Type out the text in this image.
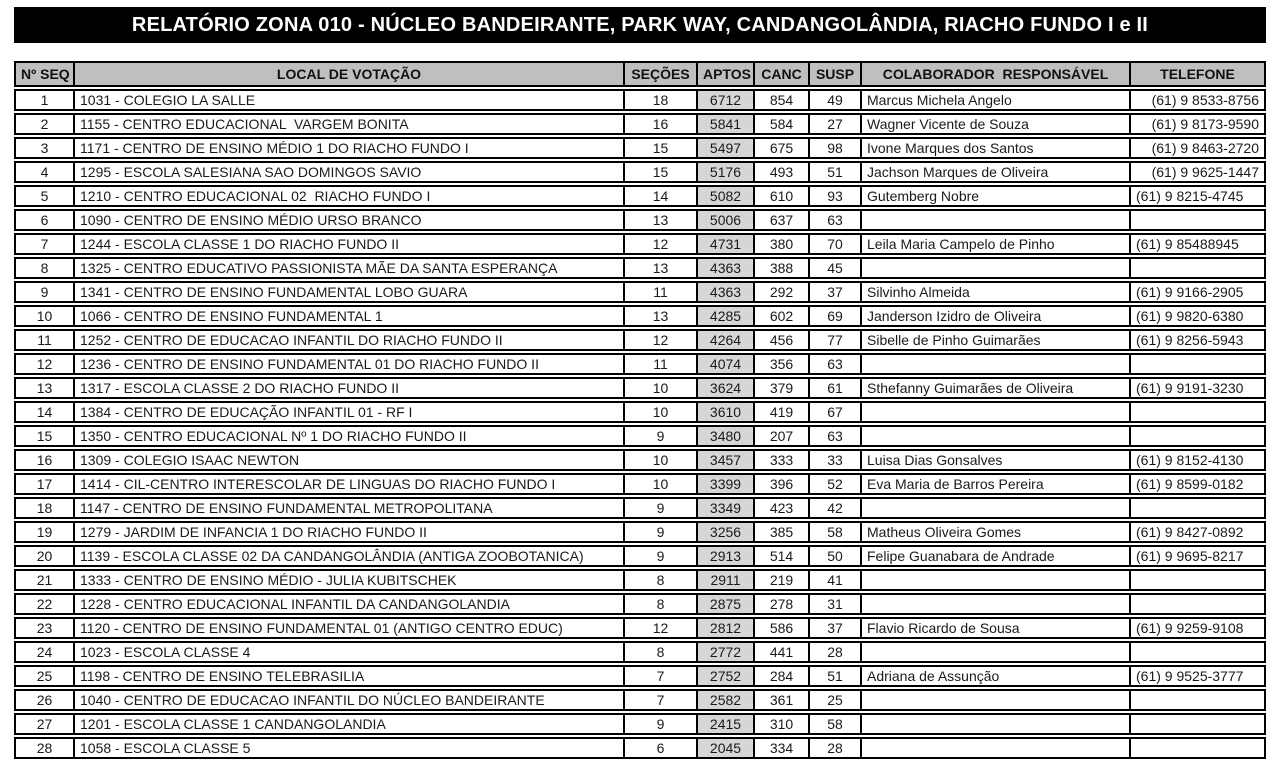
RELATÓRIO ZONA 010 - NÚCLEO BANDEIRANTE, PARK WAY, CANDANGOLÂNDIA, RIACHO FUNDO I e II
Nº SEQ	LOCAL DE VOTAÇÃO	SEÇÕES	APTOS	CANC	SUSP	COLABORADOR  RESPONSÁVEL	TELEFONE
1	1031 - COLEGIO LA SALLE	18	6712	854	49	Marcus Michela Angelo	(61) 9 8533-8756
2	1155 - CENTRO EDUCACIONAL  VARGEM BONITA	16	5841	584	27	Wagner Vicente de Souza	(61) 9 8173-9590
3	1171 - CENTRO DE ENSINO MÉDIO 1 DO RIACHO FUNDO I	15	5497	675	98	Ivone Marques dos Santos	(61) 9 8463-2720
4	1295 - ESCOLA SALESIANA SAO DOMINGOS SAVIO	15	5176	493	51	Jachson Marques de Oliveira	(61) 9 9625-1447
5	1210 - CENTRO EDUCACIONAL 02  RIACHO FUNDO I	14	5082	610	93	Gutemberg Nobre	(61) 9 8215-4745
6	1090 - CENTRO DE ENSINO MÉDIO URSO BRANCO	13	5006	637	63		
7	1244 - ESCOLA CLASSE 1 DO RIACHO FUNDO II	12	4731	380	70	Leila Maria Campelo de Pinho	(61) 9 85488945
8	1325 - CENTRO EDUCATIVO PASSIONISTA MÃE DA SANTA ESPERANÇA	13	4363	388	45		
9	1341 - CENTRO DE ENSINO FUNDAMENTAL LOBO GUARA	11	4363	292	37	Silvinho Almeida	(61) 9 9166-2905
10	1066 - CENTRO DE ENSINO FUNDAMENTAL 1	13	4285	602	69	Janderson Izidro de Oliveira	(61) 9 9820-6380
11	1252 - CENTRO DE EDUCACAO INFANTIL DO RIACHO FUNDO II	12	4264	456	77	Sibelle de Pinho Guimarães	(61) 9 8256-5943
12	1236 - CENTRO DE ENSINO FUNDAMENTAL 01 DO RIACHO FUNDO II	11	4074	356	63		
13	1317 - ESCOLA CLASSE 2 DO RIACHO FUNDO II	10	3624	379	61	Sthefanny Guimarães de Oliveira	(61) 9 9191-3230
14	1384 - CENTRO DE EDUCAÇÃO INFANTIL 01 - RF I	10	3610	419	67		
15	1350 - CENTRO EDUCACIONAL Nº 1 DO RIACHO FUNDO II	9	3480	207	63		
16	1309 - COLEGIO ISAAC NEWTON	10	3457	333	33	Luisa Dias Gonsalves	(61) 9 8152-4130
17	1414 - CIL-CENTRO INTERESCOLAR DE LINGUAS DO RIACHO FUNDO I	10	3399	396	52	Eva Maria de Barros Pereira	(61) 9 8599-0182
18	1147 - CENTRO DE ENSINO FUNDAMENTAL METROPOLITANA	9	3349	423	42		
19	1279 - JARDIM DE INFANCIA 1 DO RIACHO FUNDO II	9	3256	385	58	Matheus Oliveira Gomes	(61) 9 8427-0892
20	1139 - ESCOLA CLASSE 02 DA CANDANGOLÂNDIA (ANTIGA ZOOBOTANICA)	9	2913	514	50	Felipe Guanabara de Andrade	(61) 9 9695-8217
21	1333 - CENTRO DE ENSINO MÉDIO - JULIA KUBITSCHEK	8	2911	219	41		
22	1228 - CENTRO EDUCACIONAL INFANTIL DA CANDANGOLANDIA	8	2875	278	31		
23	1120 - CENTRO DE ENSINO FUNDAMENTAL 01 (ANTIGO CENTRO EDUC)	12	2812	586	37	Flavio Ricardo de Sousa	(61) 9 9259-9108
24	1023 - ESCOLA CLASSE 4	8	2772	441	28		
25	1198 - CENTRO DE ENSINO TELEBRASILIA	7	2752	284	51	Adriana de Assunção	(61) 9 9525-3777
26	1040 - CENTRO DE EDUCACAO INFANTIL DO NÚCLEO BANDEIRANTE	7	2582	361	25		
27	1201 - ESCOLA CLASSE 1 CANDANGOLANDIA	9	2415	310	58		
28	1058 - ESCOLA CLASSE 5	6	2045	334	28		
